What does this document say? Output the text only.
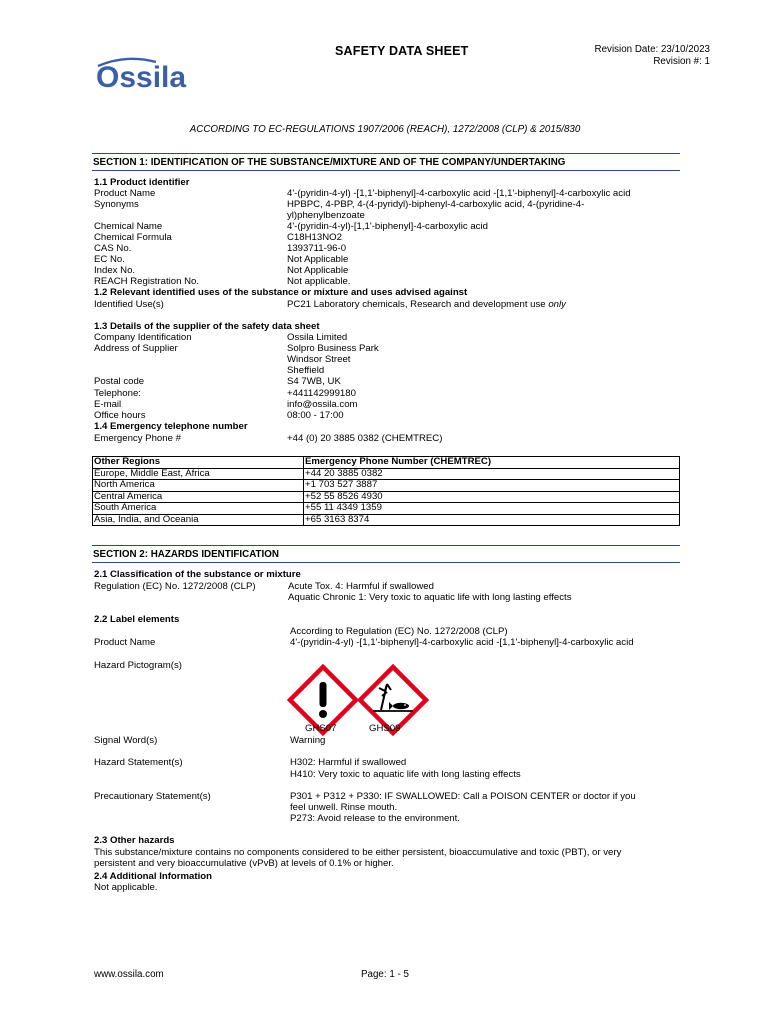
Ossila
SAFETY DATA SHEET	Revision Date: 23/10/2023
Revision #: 1
ACCORDING TO EC-REGULATIONS 1907/2006 (REACH), 1272/2008 (CLP) & 2015/830
SECTION 1: IDENTIFICATION OF THE SUBSTANCE/MIXTURE AND OF THE COMPANY/UNDERTAKING
1.1 Product identifier
Product Name	4'-(pyridin-4-yl) -[1,1'-biphenyl]-4-carboxylic acid -[1,1'-biphenyl]-4-carboxylic acid
Synonyms	HPBPC, 4-PBP, 4-(4-pyridyl)-biphenyl-4-carboxylic acid, 4-(pyridine-4-
yl)phenylbenzoate
Chemical Name	4'-(pyridin-4-yl)-[1,1'-biphenyl]-4-carboxylic acid
Chemical Formula	C18H13NO2
CAS No.	1393711-96-0
EC No.	Not Applicable
Index No.	Not Applicable
REACH Registration No.	Not applicable.
1.2 Relevant identified uses of the substance or mixture and uses advised against
Identified Use(s)	PC21 Laboratory chemicals, Research and development use only
1.3 Details of the supplier of the safety data sheet
Company Identification	Ossila Limited
Address of Supplier	Solpro Business Park
Windsor Street
Sheffield
Postal code	S4 7WB, UK
Telephone:	+441142999180
E-mail	info@ossila.com
Office hours	08:00 - 17:00
1.4 Emergency telephone number
Emergency Phone #	+44 (0) 20 3885 0382 (CHEMTREC)
Other Regions	Emergency Phone Number (CHEMTREC)
Europe, Middle East, Africa	+44 20 3885 0382
North America	+1 703 527 3887
Central America	+52 55 8526 4930
South America	+55 11 4349 1359
Asia, India, and Oceania	+65 3163 8374
SECTION 2: HAZARDS IDENTIFICATION
2.1 Classification of the substance or mixture
Regulation (EC) No. 1272/2008 (CLP)	Acute Tox. 4: Harmful if swallowed
Aquatic Chronic 1: Very toxic to aquatic life with long lasting effects
2.2 Label elements
According to Regulation (EC) No. 1272/2008 (CLP)
Product Name	4'-(pyridin-4-yl) -[1,1'-biphenyl]-4-carboxylic acid -[1,1'-biphenyl]-4-carboxylic acid
Hazard Pictogram(s)
GHS07	GHS09
Signal Word(s)	Warning
Hazard Statement(s)	H302: Harmful if swallowed
H410: Very toxic to aquatic life with long lasting effects
Precautionary Statement(s)	P301 + P312 + P330: IF SWALLOWED: Call a POISON CENTER or doctor if you
feel unwell. Rinse mouth.
P273: Avoid release to the environment.
2.3 Other hazards
This substance/mixture contains no components considered to be either persistent, bioaccumulative and toxic (PBT), or very
persistent and very bioaccumulative (vPvB) at levels of 0.1% or higher.
2.4 Additional Information
Not applicable.
www.ossila.com	Page: 1 - 5
